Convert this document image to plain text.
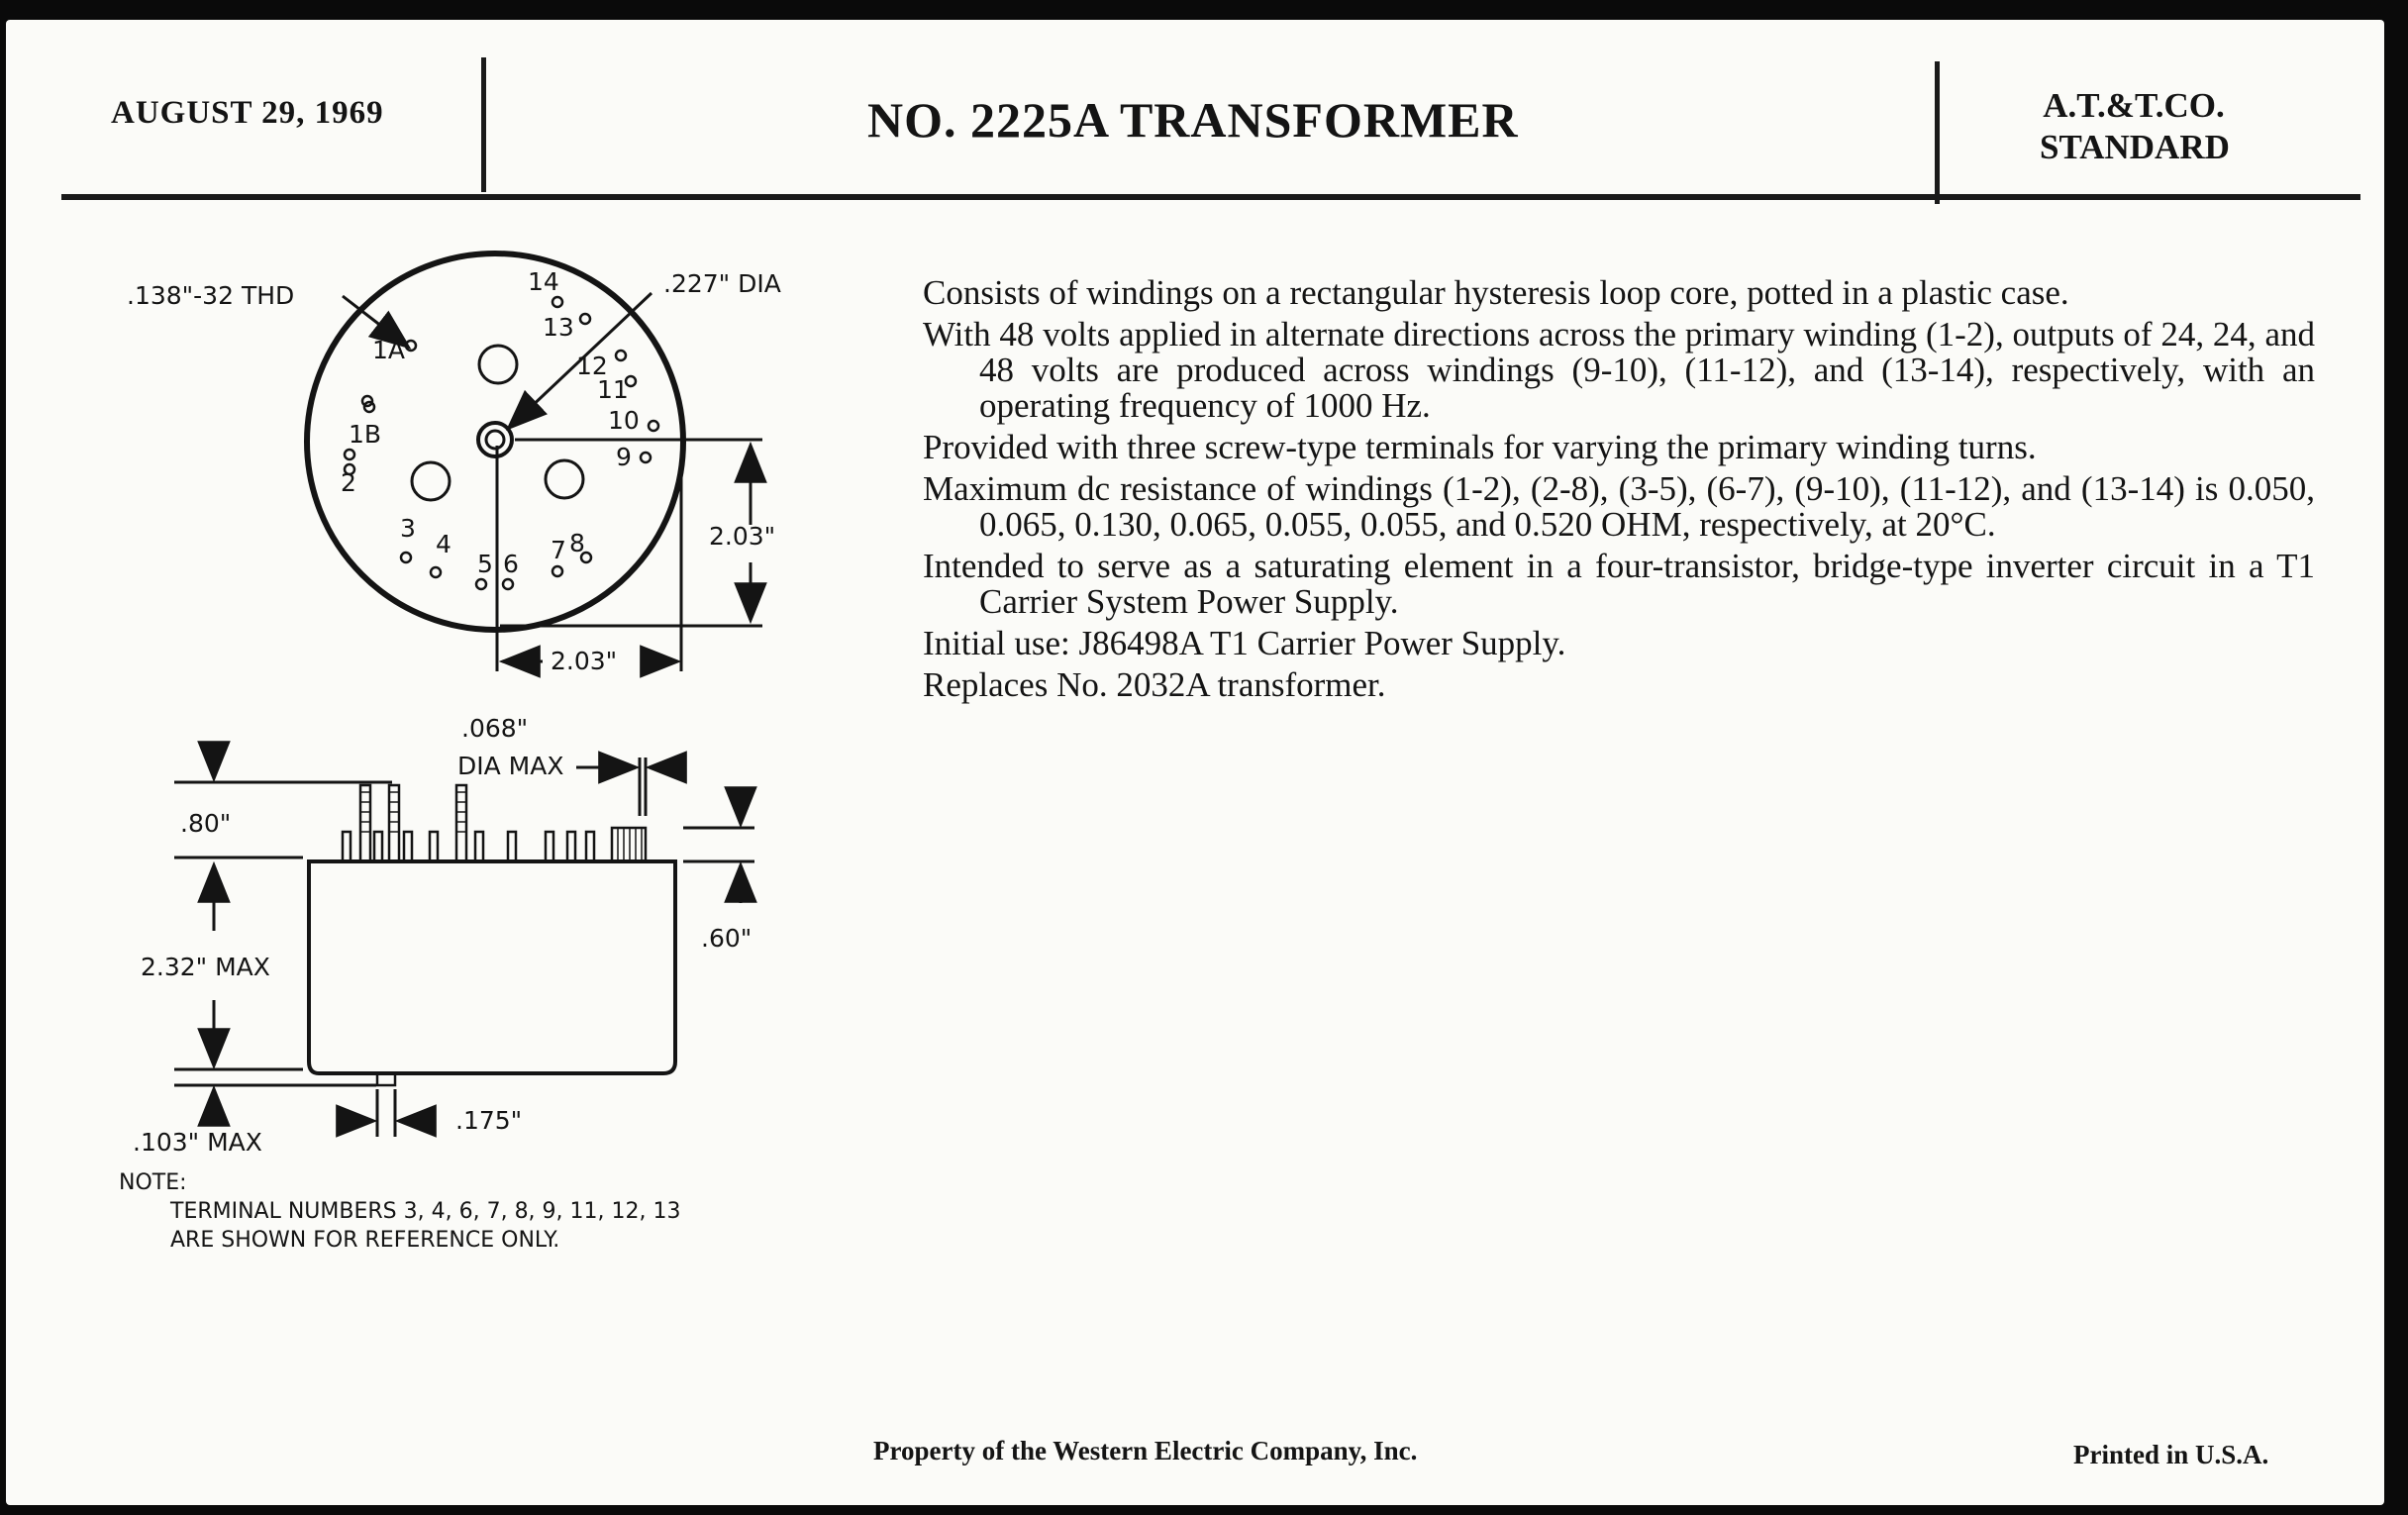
AUGUST 29, 1969	NO. 2225A TRANSFORMER	A.T.&T.CO.
STANDARD

Consists of windings on a rectangular hysteresis loop core, potted in a plastic case.

With 48 volts applied in alternate directions across the primary winding (1-2), outputs of 24, 24, and 48 volts are produced across windings (9-10), (11-12), and (13-14), respectively, with an operating frequency of 1000 Hz.

Provided with three screw-type terminals for varying the primary winding turns.

Maximum dc resistance of windings (1-2), (2-8), (3-5), (6-7), (9-10), (11-12), and (13-14) is 0.050, 0.065, 0.130, 0.065, 0.055, 0.055, and 0.520 OHM, respectively, at 20°C.

Intended to serve as a saturating element in a four-transistor, bridge-type inverter circuit in a T1 Carrier System Power Supply.

Initial use: J86498A T1 Carrier Power Supply.

Replaces No. 2032A transformer.

.138"-32 THD	.227" DIA
2.03"
2.03"
1A
1B
2
3
4
5 6 7 8
9
10
11
12
13
14
.068"
DIA MAX
.80"
2.32" MAX
.60"
.103" MAX
.175"
NOTE:
TERMINAL NUMBERS 3, 4, 6, 7, 8, 9, 11, 12, 13
ARE SHOWN FOR REFERENCE ONLY.
Property of the Western Electric Company, Inc.	Printed in U.S.A.
